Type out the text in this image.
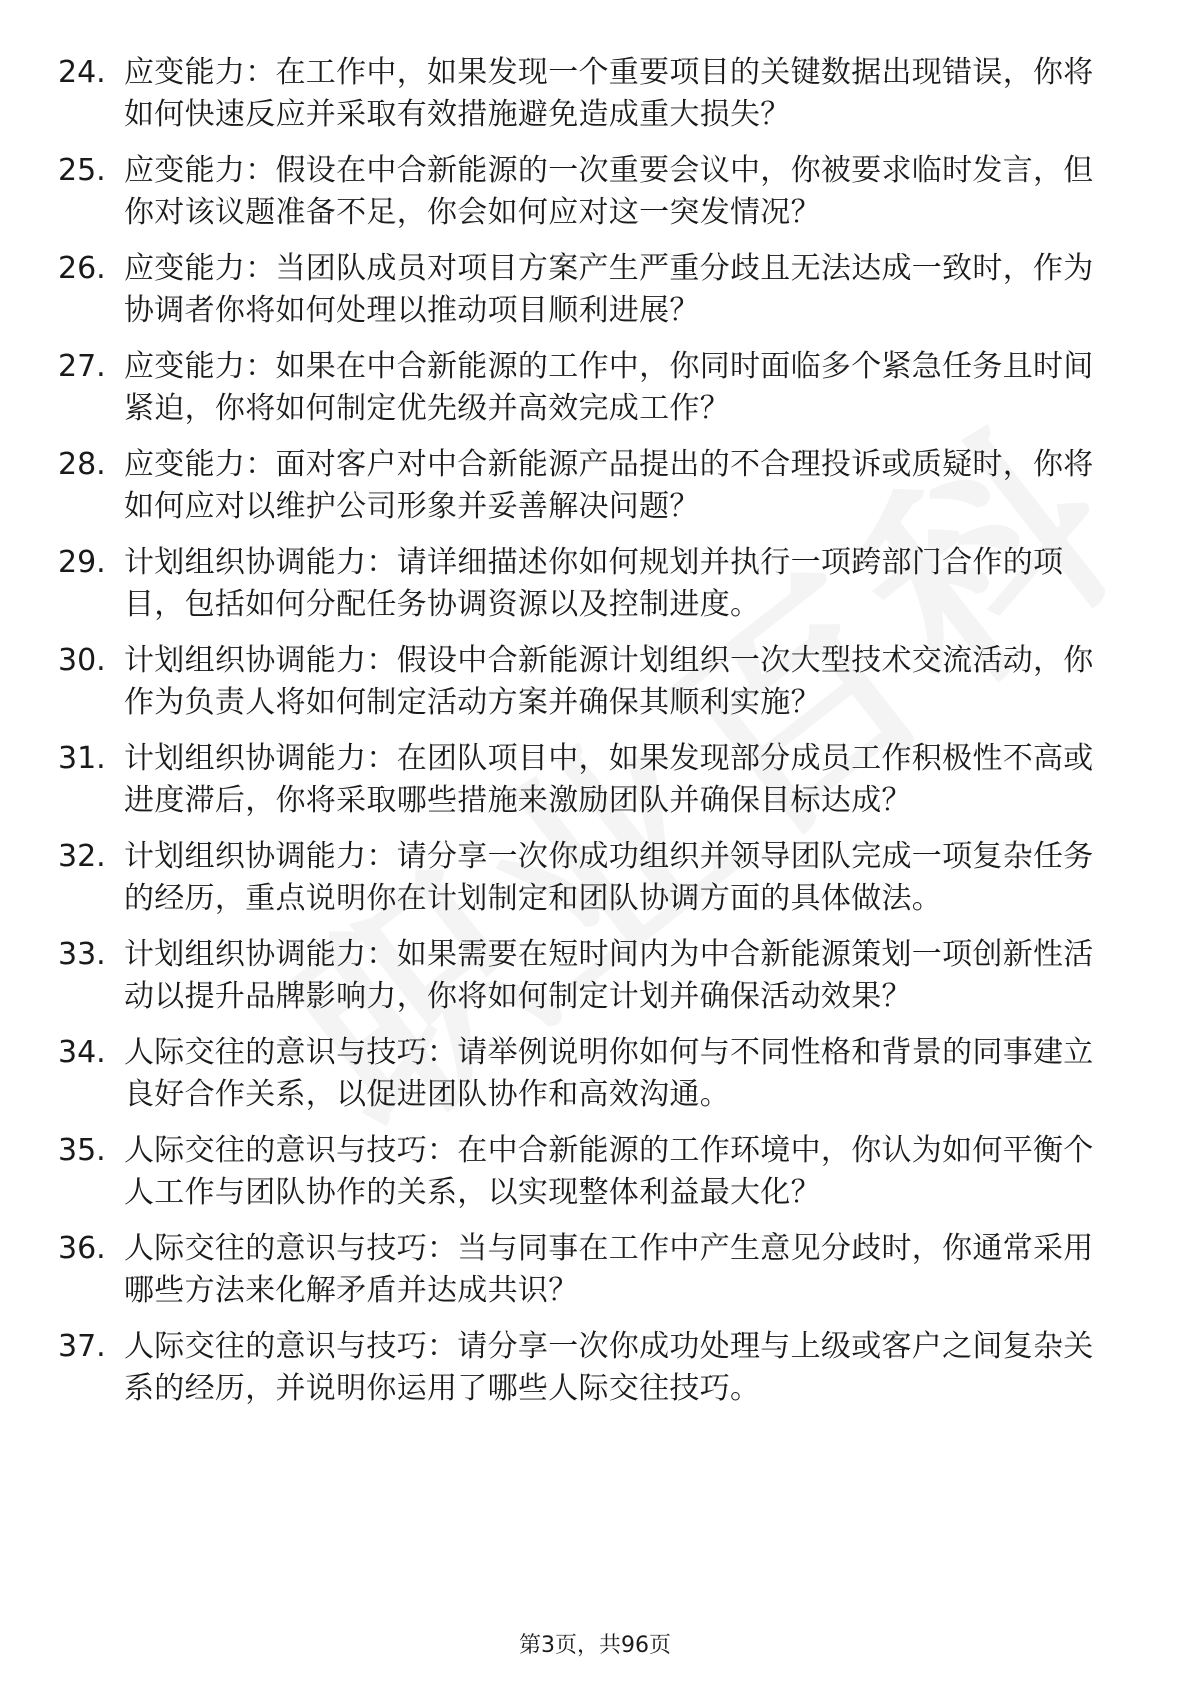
24. 应变能力：在工作中，如果发现一个重要项目的关键数据出现错误，你将如何快速反应并采取有效措施避免造成重大损失？
25. 应变能力：假设在中合新能源的一次重要会议中，你被要求临时发言，但你对该议题准备不足，你会如何应对这一突发情况？
26. 应变能力：当团队成员对项目方案产生严重分歧且无法达成一致时，作为协调者你将如何处理以推动项目顺利进展？
27. 应变能力：如果在中合新能源的工作中，你同时面临多个紧急任务且时间紧迫，你将如何制定优先级并高效完成工作？
28. 应变能力：面对客户对中合新能源产品提出的不合理投诉或质疑时，你将如何应对以维护公司形象并妥善解决问题？
29. 计划组织协调能力：请详细描述你如何规划并执行一项跨部门合作的项目，包括如何分配任务协调资源以及控制进度。
30. 计划组织协调能力：假设中合新能源计划组织一次大型技术交流活动，你作为负责人将如何制定活动方案并确保其顺利实施？
31. 计划组织协调能力：在团队项目中，如果发现部分成员工作积极性不高或进度滞后，你将采取哪些措施来激励团队并确保目标达成？
32. 计划组织协调能力：请分享一次你成功组织并领导团队完成一项复杂任务的经历，重点说明你在计划制定和团队协调方面的具体做法。
33. 计划组织协调能力：如果需要在短时间内为中合新能源策划一项创新性活动以提升品牌影响力，你将如何制定计划并确保活动效果？
34. 人际交往的意识与技巧：请举例说明你如何与不同性格和背景的同事建立良好合作关系，以促进团队协作和高效沟通。
35. 人际交往的意识与技巧：在中合新能源的工作环境中，你认为如何平衡个人工作与团队协作的关系，以实现整体利益最大化？
36. 人际交往的意识与技巧：当与同事在工作中产生意见分歧时，你通常采用哪些方法来化解矛盾并达成共识？
37. 人际交往的意识与技巧：请分享一次你成功处理与上级或客户之间复杂关系的经历，并说明你运用了哪些人际交往技巧。
第3页，共96页
